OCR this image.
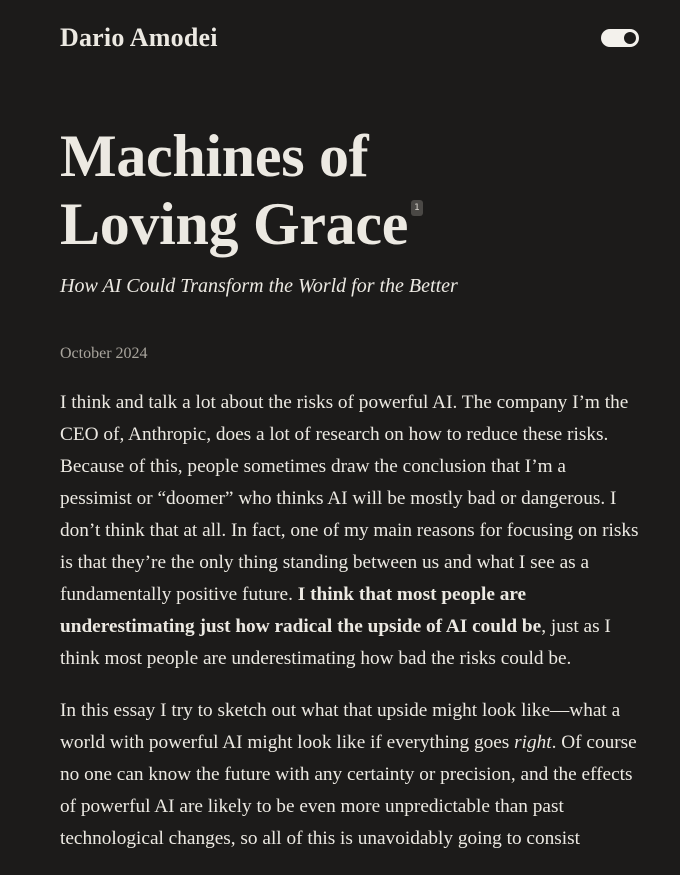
Dario Amodei
Machines of
Loving Grace 1

How AI Could Transform the World for the Better

October 2024

I think and talk a lot about the risks of powerful AI. The company I’m the CEO of, Anthropic, does a lot of research on how to reduce these risks. Because of this, people sometimes draw the conclusion that I’m a pessimist or “doomer” who thinks AI will be mostly bad or dangerous. I don’t think that at all. In fact, one of my main reasons for focusing on risks is that they’re the only thing standing between us and what I see as a fundamentally positive future. I think that most people are underestimating just how radical the upside of AI could be, just as I think most people are underestimating how bad the risks could be.

In this essay I try to sketch out what that upside might look like—what a world with powerful AI might look like if everything goes right. Of course no one can know the future with any certainty or precision, and the effects of powerful AI are likely to be even more unpredictable than past technological changes, so all of this is unavoidably going to consist
